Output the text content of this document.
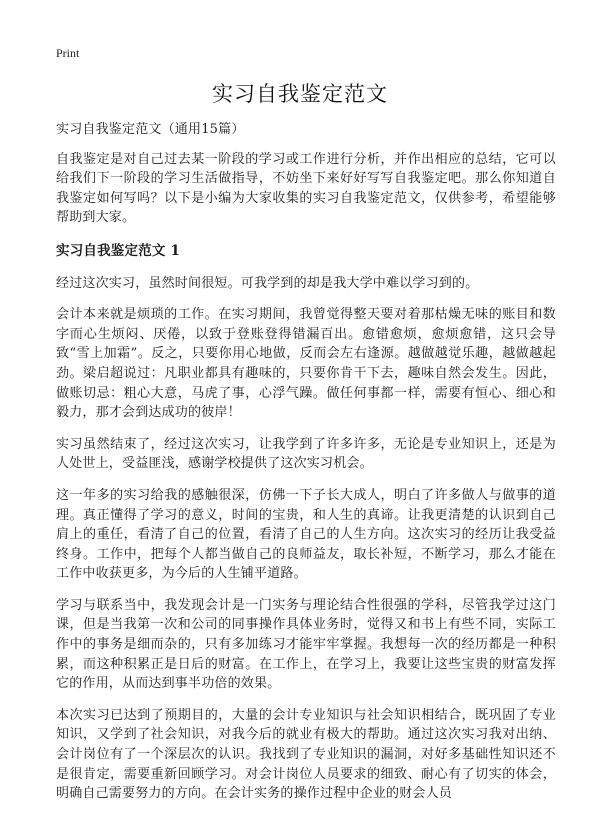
Print
实习自我鉴定范文

实习自我鉴定范文（通用15篇）

自我鉴定是对自己过去某一阶段的学习或工作进行分析，并作出相应的总结，它可以给我们下一阶段的学习生活做指导，不妨坐下来好好写写自我鉴定吧。那么你知道自我鉴定如何写吗？以下是小编为大家收集的实习自我鉴定范文，仅供参考，希望能够帮助到大家。

实习自我鉴定范文 1

经过这次实习，虽然时间很短。可我学到的却是我大学中难以学习到的。

会计本来就是烦琐的工作。在实习期间，我曾觉得整天要对着那枯燥无味的账目和数字而心生烦闷、厌倦，以致于登账登得错漏百出。愈错愈烦，愈烦愈错，这只会导致“雪上加霜”。反之，只要你用心地做，反而会左右逢源。越做越觉乐趣，越做越起劲。梁启超说过：凡职业都具有趣味的，只要你肯干下去，趣味自然会发生。因此，做账切忌：粗心大意，马虎了事，心浮气躁。做任何事都一样，需要有恒心、细心和毅力，那才会到达成功的彼岸！

实习虽然结束了，经过这次实习，让我学到了许多许多，无论是专业知识上，还是为人处世上，受益匪浅，感谢学校提供了这次实习机会。

这一年多的实习给我的感触很深，仿佛一下子长大成人，明白了许多做人与做事的道理。真正懂得了学习的意义，时间的宝贵，和人生的真谛。让我更清楚的认识到自己肩上的重任，看清了自己的位置，看清了自己的人生方向。这次实习的经历让我受益终身。工作中，把每个人都当做自己的良师益友，取长补短，不断学习，那么才能在工作中收获更多，为今后的人生铺平道路。

学习与联系当中，我发现会计是一门实务与理论结合性很强的学科，尽管我学过这门课，但是当我第一次和公司的同事操作具体业务时，觉得又和书上有些不同，实际工作中的事务是细而杂的，只有多加练习才能牢牢掌握。我想每一次的经历都是一种积累，而这种积累正是日后的财富。在工作上，在学习上，我要让这些宝贵的财富发挥它的作用，从而达到事半功倍的效果。

本次实习已达到了预期目的，大量的会计专业知识与社会知识相结合，既巩固了专业知识，又学到了社会知识，对我今后的就业有极大的帮助。通过这次实习我对出纳、会计岗位有了一个深层次的认识。我找到了专业知识的漏洞，对好多基础性知识还不是很肯定，需要重新回顾学习。对会计岗位人员要求的细致、耐心有了切实的体会，明确自己需要努力的方向。在会计实务的操作过程中企业的财会人员
